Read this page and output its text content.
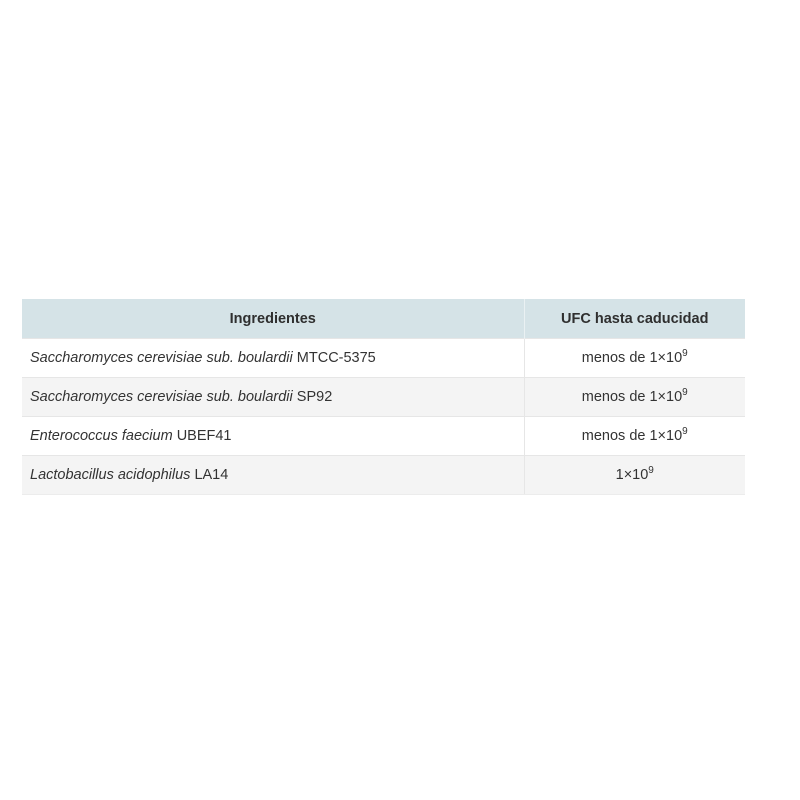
Ingredientes	UFC hasta caducidad
Saccharomyces cerevisiae sub. boulardii MTCC-5375	menos de $1\times 10^9$
Saccharomyces cerevisiae sub. boulardii SP92	menos de $1\times 10^9$
Enterococcus faecium UBEF41	menos de $1\times 10^9$
Lactobacillus acidophilus LA14	$1\times 10^9$
